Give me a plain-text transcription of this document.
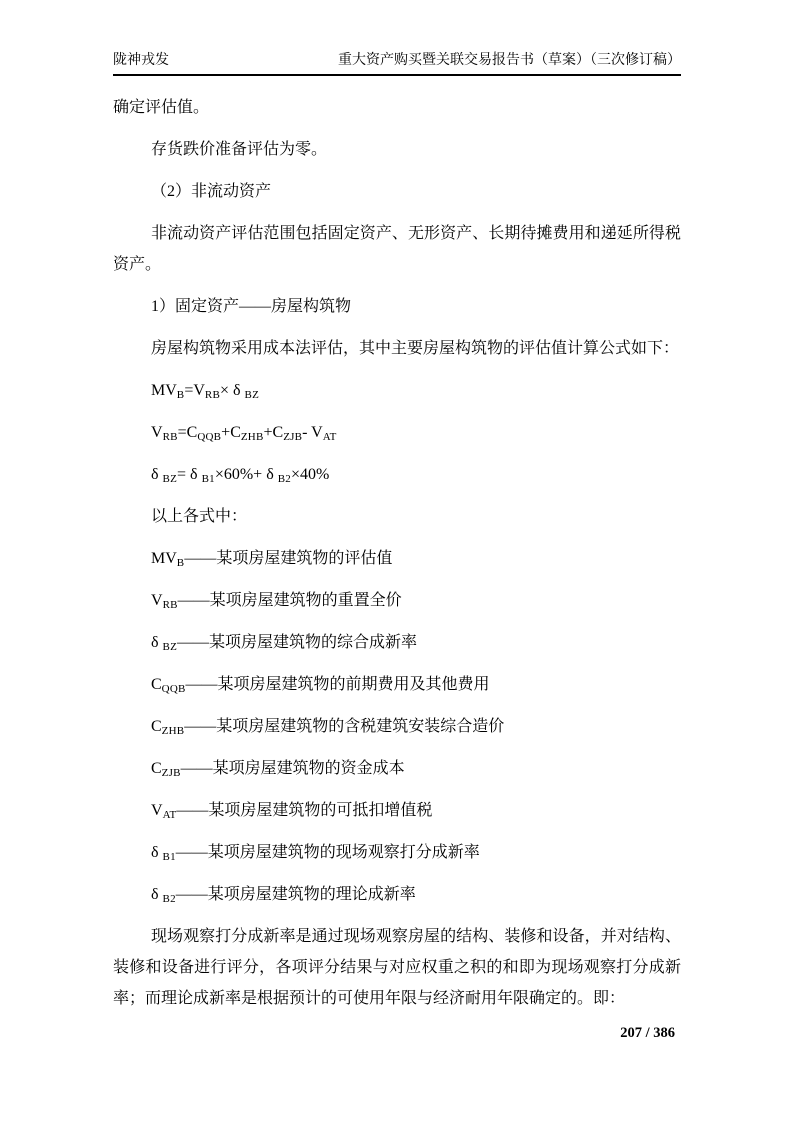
陇神戎发	重大资产购买暨关联交易报告书（草案）（三次修订稿）

确定评估值。

存货跌价准备评估为零。

（2）非流动资产

非流动资产评估范围包括固定资产、无形资产、长期待摊费用和递延所得税资产。

1）固定资产——房屋构筑物

房屋构筑物采用成本法评估，其中主要房屋构筑物的评估值计算公式如下：

$MV_B=V_{RB}\times \delta$ $_{BZ}$

$V_{RB}=C_{QQB}+C_{ZHB}+C_{ZJB}-$ $V_{AT}$

δ $_{BZ}$= δ $_{B1}$×60%+ δ $_{B2}$×40%

以上各式中：

$MV_B——$某项房屋建筑物的评估值

$V_{RB}——$某项房屋建筑物的重置全价

δ $_{BZ}$——某项房屋建筑物的综合成新率

$C_{QQB}——$某项房屋建筑物的前期费用及其他费用

$C_{ZHB}——$某项房屋建筑物的含税建筑安装综合造价

$C_{ZJB}——$某项房屋建筑物的资金成本

$V_{AT}——$某项房屋建筑物的可抵扣增值税

δ $_{B1}$——某项房屋建筑物的现场观察打分成新率

δ $_{B2}$——某项房屋建筑物的理论成新率

现场观察打分成新率是通过现场观察房屋的结构、装修和设备，并对结构、装修和设备进行评分，各项评分结果与对应权重之积的和即为现场观察打分成新率；而理论成新率是根据预计的可使用年限与经济耐用年限确定的。即：

207 / 386
